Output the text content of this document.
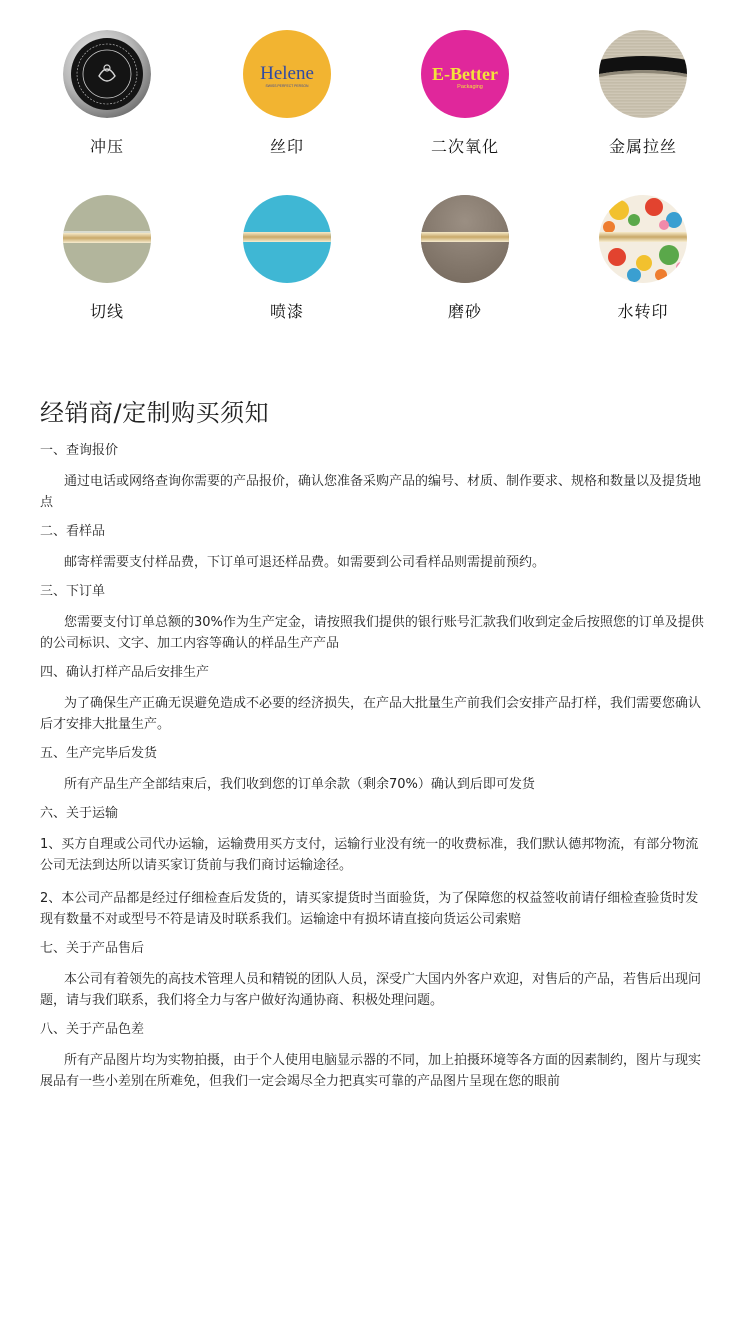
冲压
Helene
SWISS PERFECT PERSON
丝印
E-Better
Packaging
二次氧化	金属拉丝
切线	喷漆	磨砂	水转印
经销商/定制购买须知
一、查询报价
通过电话或网络查询你需要的产品报价，确认您准备采购产品的编号、材质、制作要求、规格和数量以及提货地点
二、看样品
邮寄样需要支付样品费，下订单可退还样品费。如需要到公司看样品则需提前预约。
三、下订单
您需要支付订单总额的30%作为生产定金，请按照我们提供的银行账号汇款我们收到定金后按照您的订单及提供的公司标识、文字、加工内容等确认的样品生产产品
四、确认打样产品后安排生产
为了确保生产正确无误避免造成不必要的经济损失，在产品大批量生产前我们会安排产品打样，我们需要您确认后才安排大批量生产。
五、生产完毕后发货
所有产品生产全部结束后，我们收到您的订单余款（剩余70%）确认到后即可发货
六、关于运输
1、买方自理或公司代办运输，运输费用买方支付，运输行业没有统一的收费标准，我们默认德邦物流，有部分物流公司无法到达所以请买家订货前与我们商讨运输途径。
2、本公司产品都是经过仔细检查后发货的，请买家提货时当面验货，为了保障您的权益签收前请仔细检查验货时发现有数量不对或型号不符是请及时联系我们。运输途中有损坏请直接向货运公司索赔
七、关于产品售后
本公司有着领先的高技术管理人员和精锐的团队人员，深受广大国内外客户欢迎，对售后的产品，若售后出现问题，请与我们联系，我们将全力与客户做好沟通协商、积极处理问题。
八、关于产品色差
所有产品图片均为实物拍摄，由于个人使用电脑显示器的不同，加上拍摄环境等各方面的因素制约，图片与现实展品有一些小差别在所难免，但我们一定会竭尽全力把真实可靠的产品图片呈现在您的眼前
